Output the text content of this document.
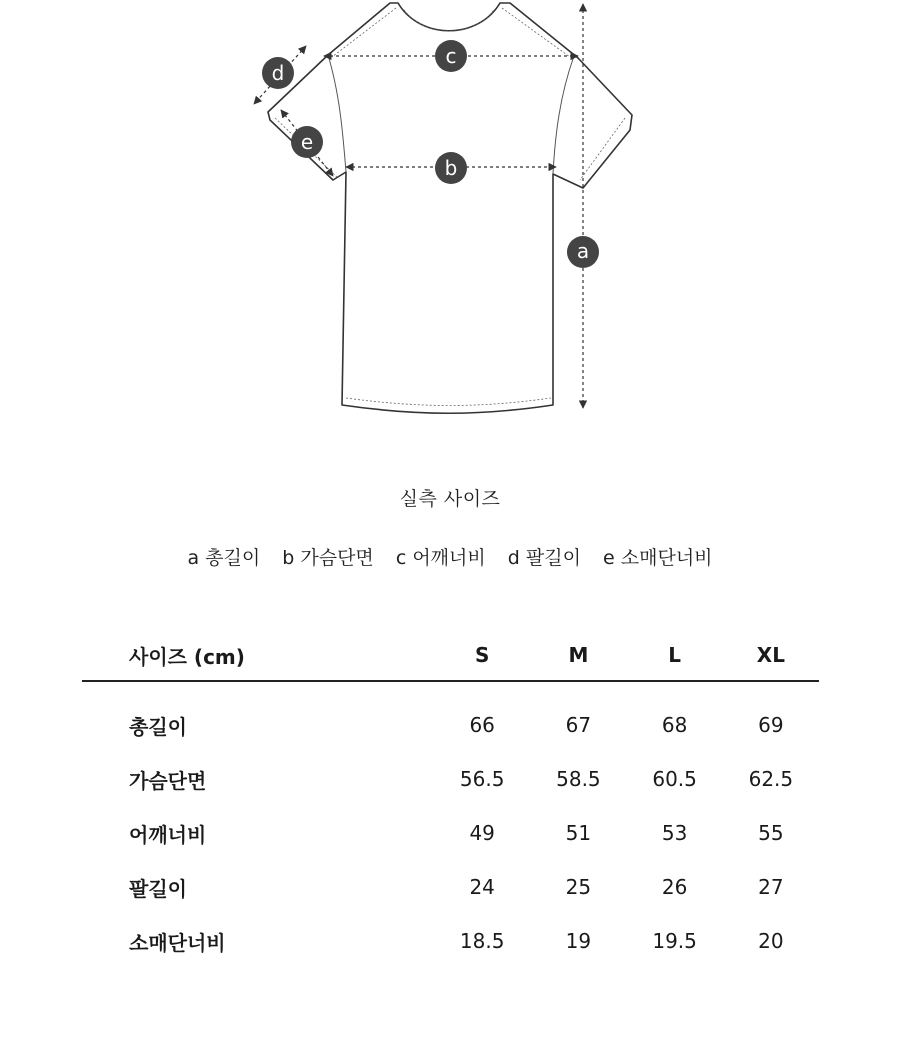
a
b
c
d
e
실측 사이즈
a 총길이 b 가슴단면 c 어깨너비 d 팔길이 e 소매단너비
사이즈 (cm)	S	M	L	XL
총길이	66	67	68	69
가슴단면	56.5	58.5	60.5	62.5
어깨너비	49	51	53	55
팔길이	24	25	26	27
소매단너비	18.5	19	19.5	20
